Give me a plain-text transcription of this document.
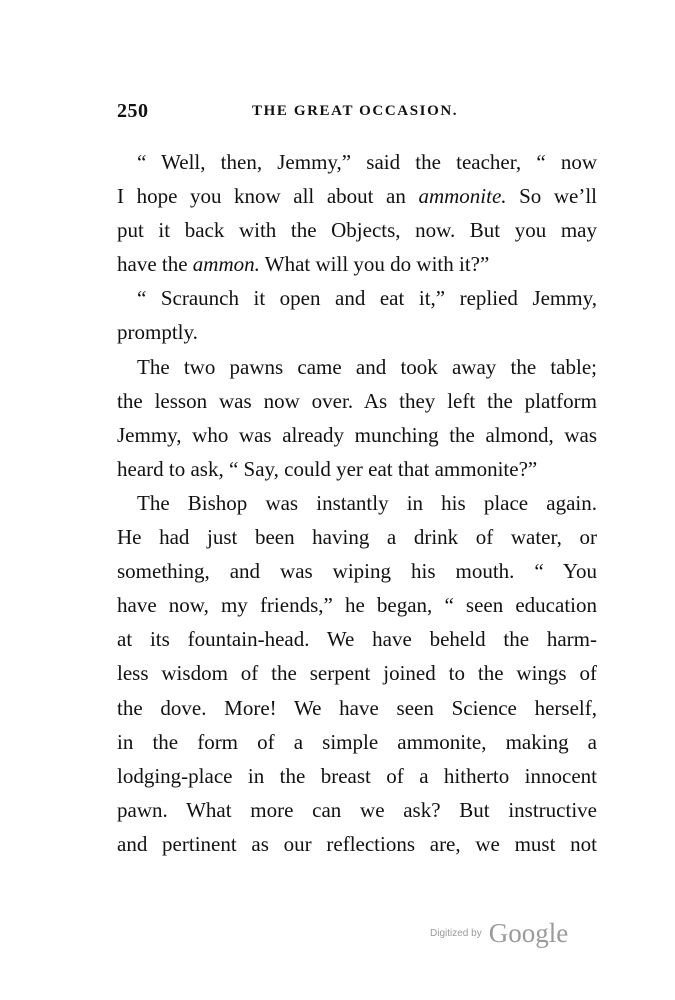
250	THE GREAT OCCASION.
“ Well, then, Jemmy,” said the teacher, “ now
I hope you know all about an ammonite. So we’ll
put it back with the Objects, now. But you may
have the ammon. What will you do with it?”
“ Scraunch it open and eat it,” replied Jemmy,
promptly.
The two pawns came and took away the table;
the lesson was now over. As they left the platform
Jemmy, who was already munching the almond, was
heard to ask, “ Say, could yer eat that ammonite?”
The Bishop was instantly in his place again.
He had just been having a drink of water, or
something, and was wiping his mouth. “ You
have now, my friends,” he began, “ seen education
at its fountain-head. We have beheld the harm-
less wisdom of the serpent joined to the wings of
the dove. More! We have seen Science herself,
in the form of a simple ammonite, making a
lodging-place in the breast of a hitherto innocent
pawn. What more can we ask? But instructive
and pertinent as our reflections are, we must not
Digitized by Google
